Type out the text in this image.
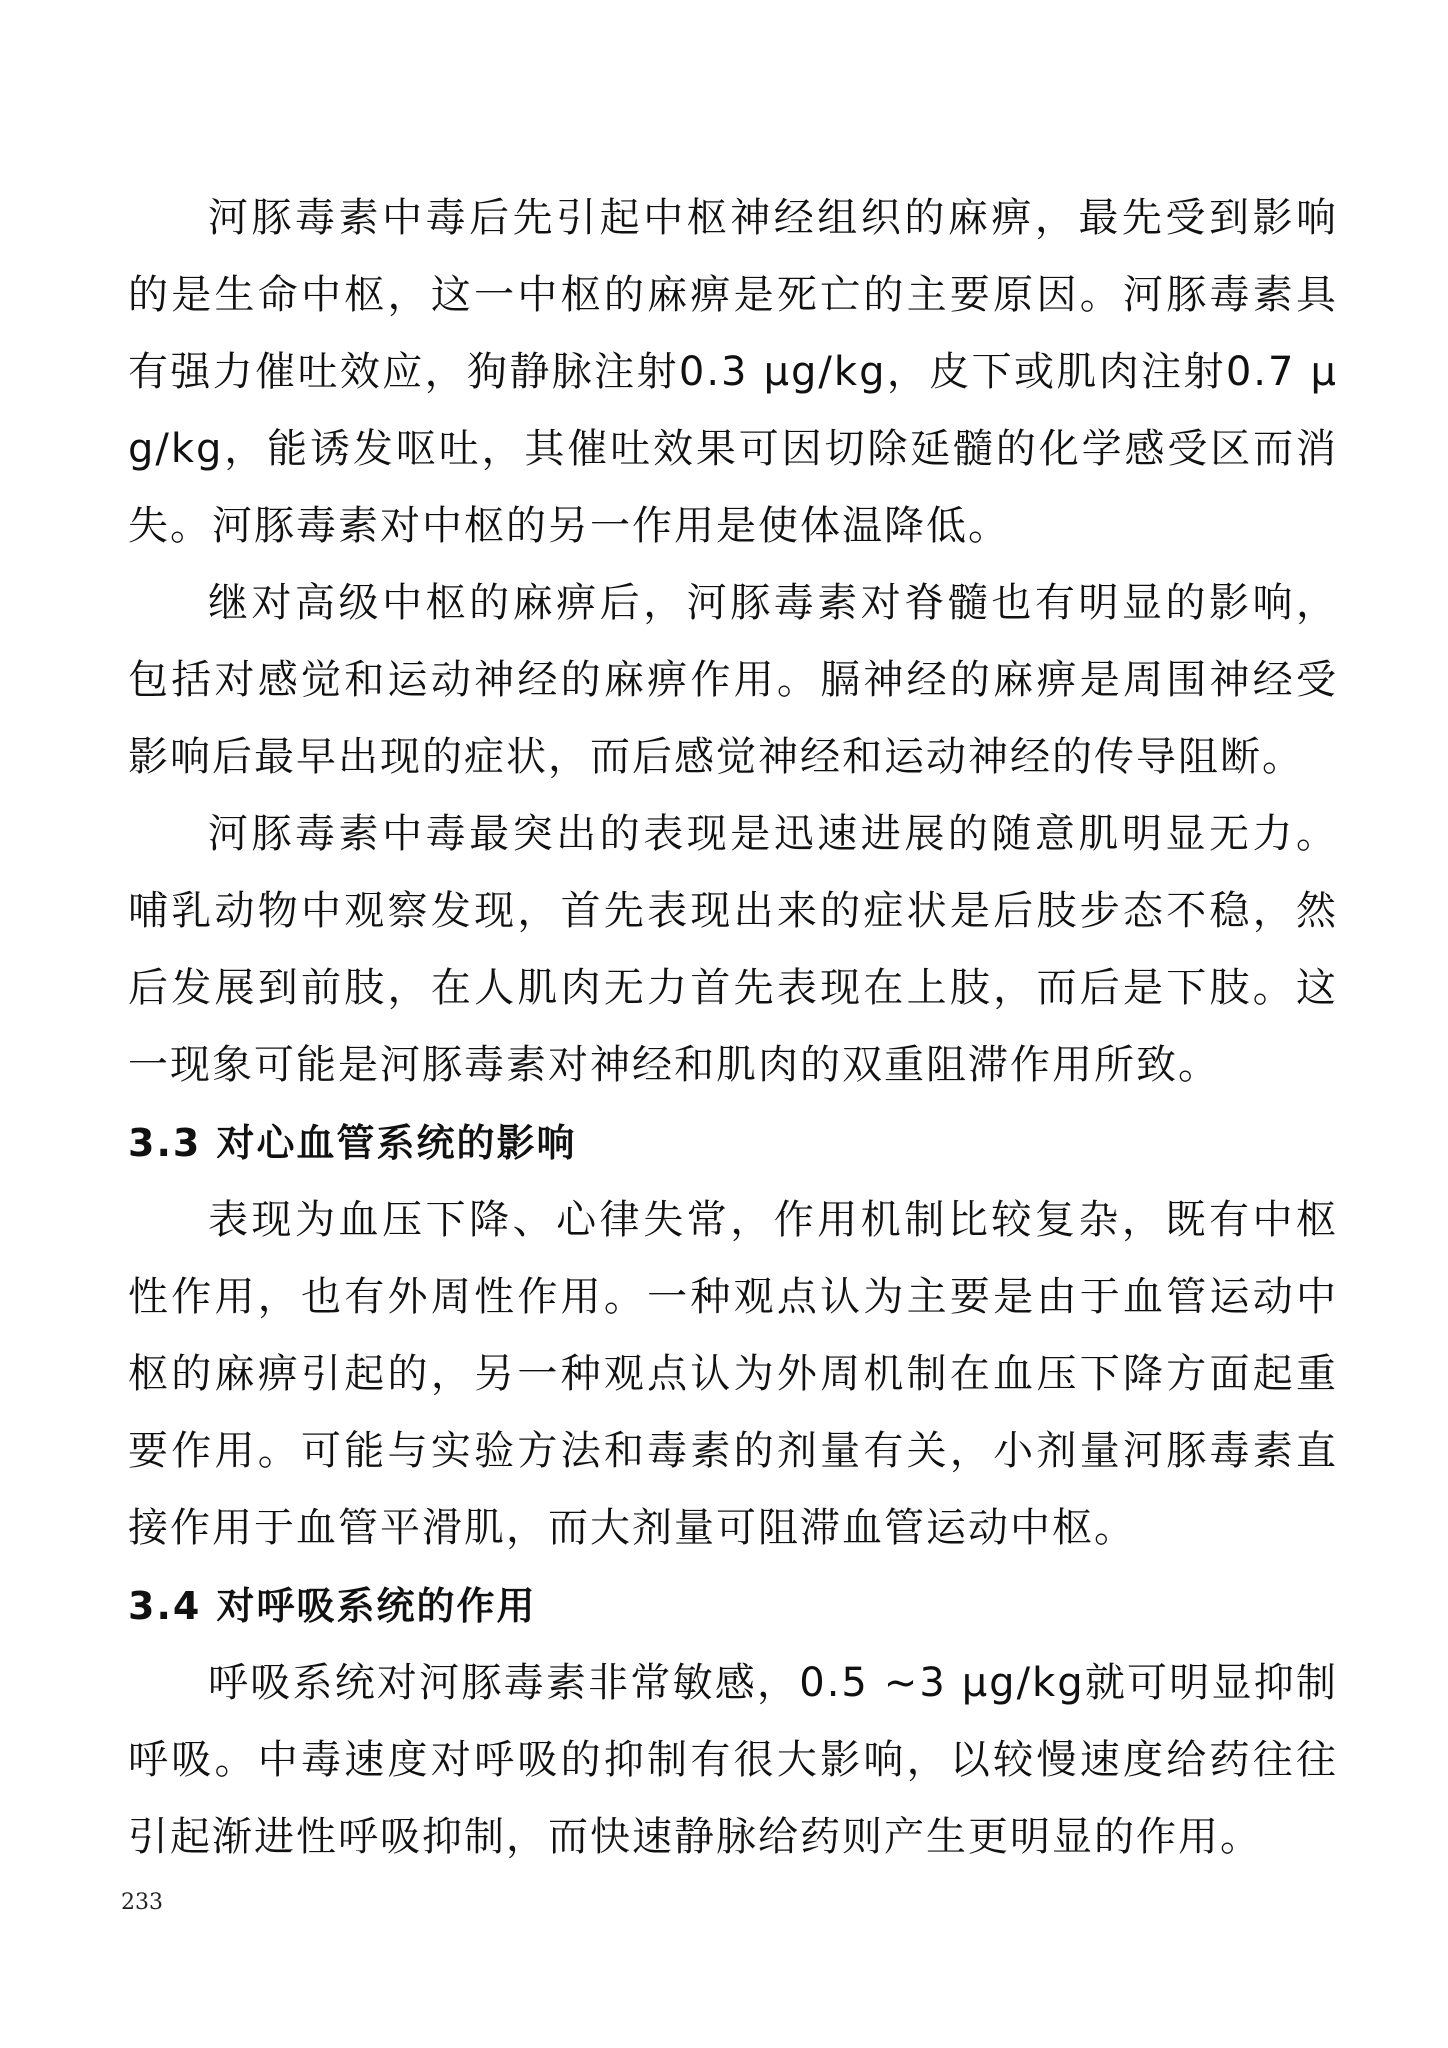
河豚毒素中毒后先引起中枢神经组织的麻痹，最先受到影响的是生命中枢，这一中枢的麻痹是死亡的主要原因。河豚毒素具有强力催吐效应，狗静脉注射0.3 μg/kg，皮下或肌肉注射0.7 μg/kg，能诱发呕吐，其催吐效果可因切除延髓的化学感受区而消失。河豚毒素对中枢的另一作用是使体温降低。

继对高级中枢的麻痹后，河豚毒素对脊髓也有明显的影响，包括对感觉和运动神经的麻痹作用。膈神经的麻痹是周围神经受影响后最早出现的症状，而后感觉神经和运动神经的传导阻断。

河豚毒素中毒最突出的表现是迅速进展的随意肌明显无力。哺乳动物中观察发现，首先表现出来的症状是后肢步态不稳，然后发展到前肢，在人肌肉无力首先表现在上肢，而后是下肢。这一现象可能是河豚毒素对神经和肌肉的双重阻滞作用所致。

3.3 对心血管系统的影响

表现为血压下降、心律失常，作用机制比较复杂，既有中枢性作用，也有外周性作用。一种观点认为主要是由于血管运动中枢的麻痹引起的，另一种观点认为外周机制在血压下降方面起重要作用。可能与实验方法和毒素的剂量有关，小剂量河豚毒素直接作用于血管平滑肌，而大剂量可阻滞血管运动中枢。

3.4 对呼吸系统的作用

呼吸系统对河豚毒素非常敏感，0.5 ~3 μg/kg就可明显抑制呼吸。中毒速度对呼吸的抑制有很大影响，以较慢速度给药往往引起渐进性呼吸抑制，而快速静脉给药则产生更明显的作用。

233
